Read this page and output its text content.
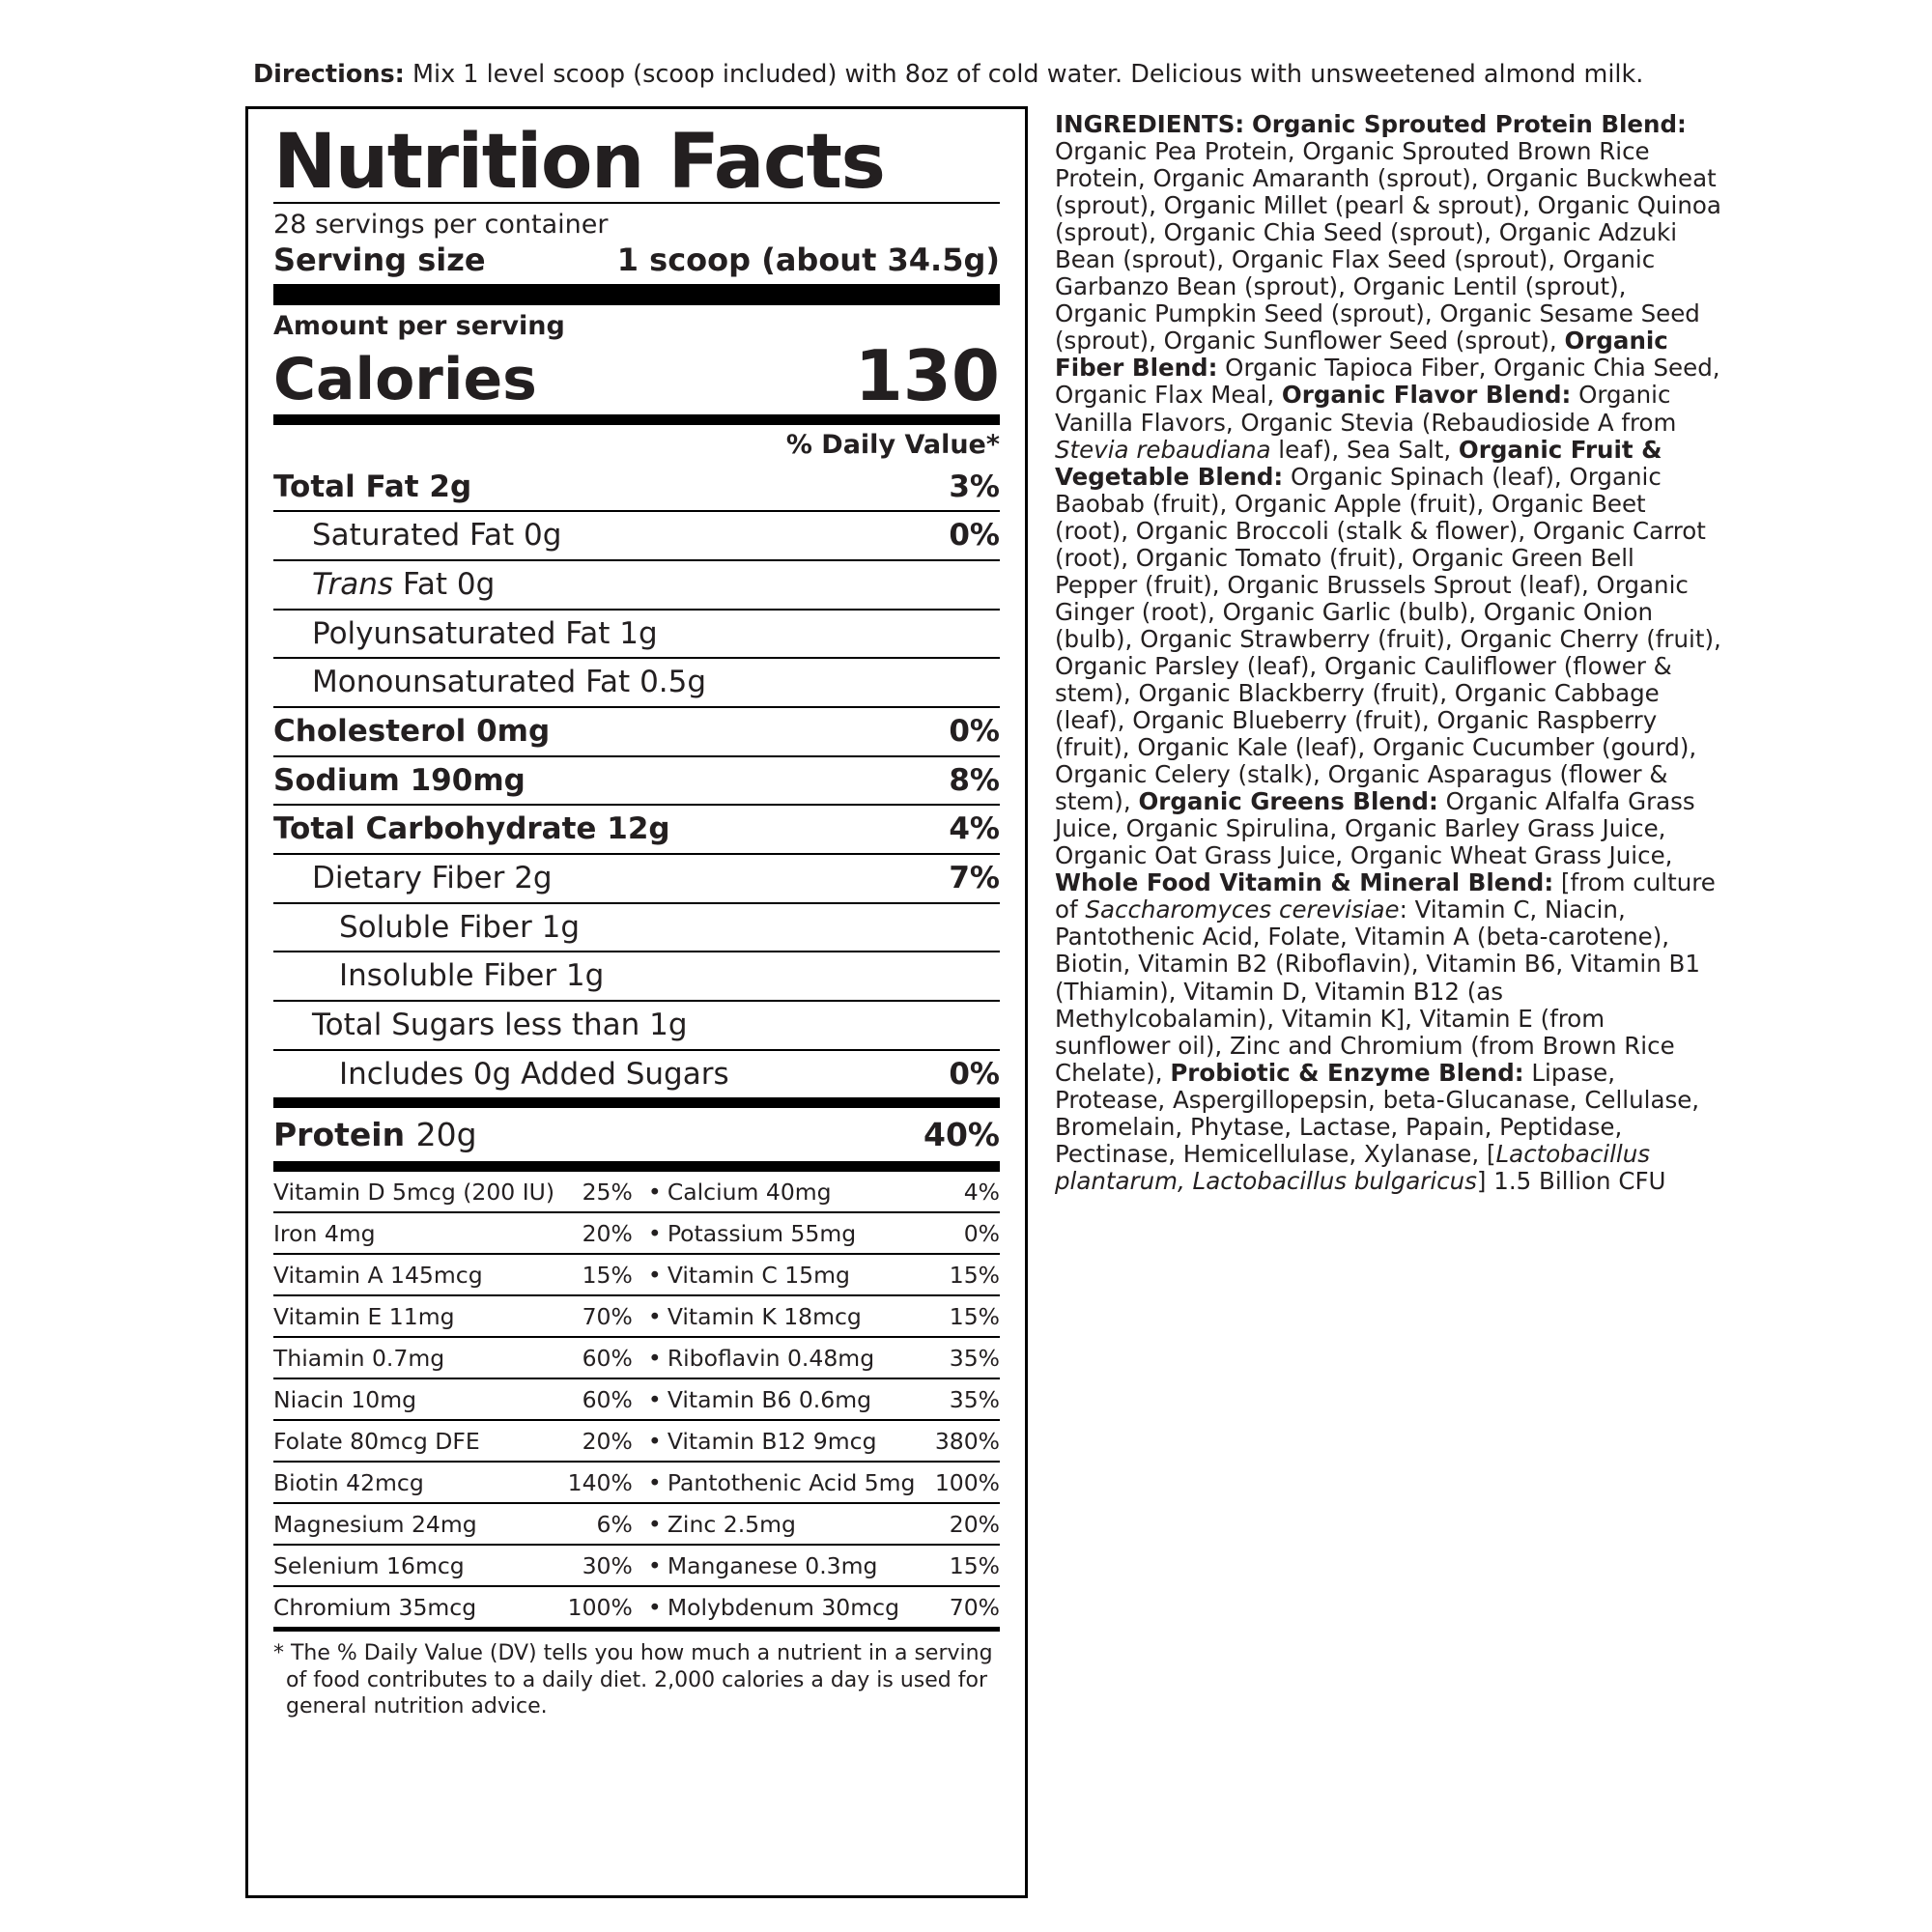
Directions: Mix 1 level scoop (scoop included) with 8oz of cold water. Delicious with unsweetened almond milk.
Nutrition Facts
28 servings per container
Serving size	1 scoop (about 34.5g)
Amount per serving
Calories	130
% Daily Value*
Total Fat 2g	3%
Saturated Fat 0g	0%
Trans Fat 0g
Polyunsaturated Fat 1g
Monounsaturated Fat 0.5g
Cholesterol 0mg	0%
Sodium 190mg	8%
Total Carbohydrate 12g	4%
Dietary Fiber 2g	7%
Soluble Fiber 1g
Insoluble Fiber 1g
Total Sugars less than 1g
Includes 0g Added Sugars	0%
Protein 20g	40%
Vitamin D 5mcg (200 IU)	25%	•	Calcium 40mg	4%
Iron 4mg	20%	•	Potassium 55mg	0%
Vitamin A 145mcg	15%	•	Vitamin C 15mg	15%
Vitamin E 11mg	70%	•	Vitamin K 18mcg	15%
Thiamin 0.7mg	60%	•	Riboflavin 0.48mg	35%
Niacin 10mg	60%	•	Vitamin B6 0.6mg	35%
Folate 80mcg DFE	20%	•	Vitamin B12 9mcg	380%
Biotin 42mcg	140%	•	Pantothenic Acid 5mg	100%
Magnesium 24mg	6%	•	Zinc 2.5mg	20%
Selenium 16mcg	30%	•	Manganese 0.3mg	15%
Chromium 35mcg	100%	•	Molybdenum 30mcg	70%
* The % Daily Value (DV) tells you how much a nutrient in a serving of food contributes to a daily diet. 2,000 calories a day is used for general nutrition advice.
INGREDIENTS: Organic Sprouted Protein Blend: Organic Pea Protein, Organic Sprouted Brown Rice Protein, Organic Amaranth (sprout), Organic Buckwheat (sprout), Organic Millet (pearl & sprout), Organic Quinoa (sprout), Organic Chia Seed (sprout), Organic Adzuki Bean (sprout), Organic Flax Seed (sprout), Organic Garbanzo Bean (sprout), Organic Lentil (sprout), Organic Pumpkin Seed (sprout), Organic Sesame Seed (sprout), Organic Sunflower Seed (sprout), Organic Fiber Blend: Organic Tapioca Fiber, Organic Chia Seed, Organic Flax Meal, Organic Flavor Blend: Organic Vanilla Flavors, Organic Stevia (Rebaudioside A from Stevia rebaudiana leaf), Sea Salt, Organic Fruit & Vegetable Blend: Organic Spinach (leaf), Organic Baobab (fruit), Organic Apple (fruit), Organic Beet (root), Organic Broccoli (stalk & flower), Organic Carrot (root), Organic Tomato (fruit), Organic Green Bell Pepper (fruit), Organic Brussels Sprout (leaf), Organic Ginger (root), Organic Garlic (bulb), Organic Onion (bulb), Organic Strawberry (fruit), Organic Cherry (fruit), Organic Parsley (leaf), Organic Cauliflower (flower & stem), Organic Blackberry (fruit), Organic Cabbage (leaf), Organic Blueberry (fruit), Organic Raspberry (fruit), Organic Kale (leaf), Organic Cucumber (gourd), Organic Celery (stalk), Organic Asparagus (flower & stem), Organic Greens Blend: Organic Alfalfa Grass Juice, Organic Spirulina, Organic Barley Grass Juice, Organic Oat Grass Juice, Organic Wheat Grass Juice, Whole Food Vitamin & Mineral Blend: [from culture of Saccharomyces cerevisiae: Vitamin C, Niacin, Pantothenic Acid, Folate, Vitamin A (beta-carotene), Biotin, Vitamin B2 (Riboflavin), Vitamin B6, Vitamin B1 (Thiamin), Vitamin D, Vitamin B12 (as Methylcobalamin), Vitamin K], Vitamin E (from sunflower oil), Zinc and Chromium (from Brown Rice Chelate), Probiotic & Enzyme Blend: Lipase, Protease, Aspergillopepsin, beta-Glucanase, Cellulase, Bromelain, Phytase, Lactase, Papain, Peptidase, Pectinase, Hemicellulase, Xylanase, [Lactobacillus plantarum, Lactobacillus bulgaricus] 1.5 Billion CFU
